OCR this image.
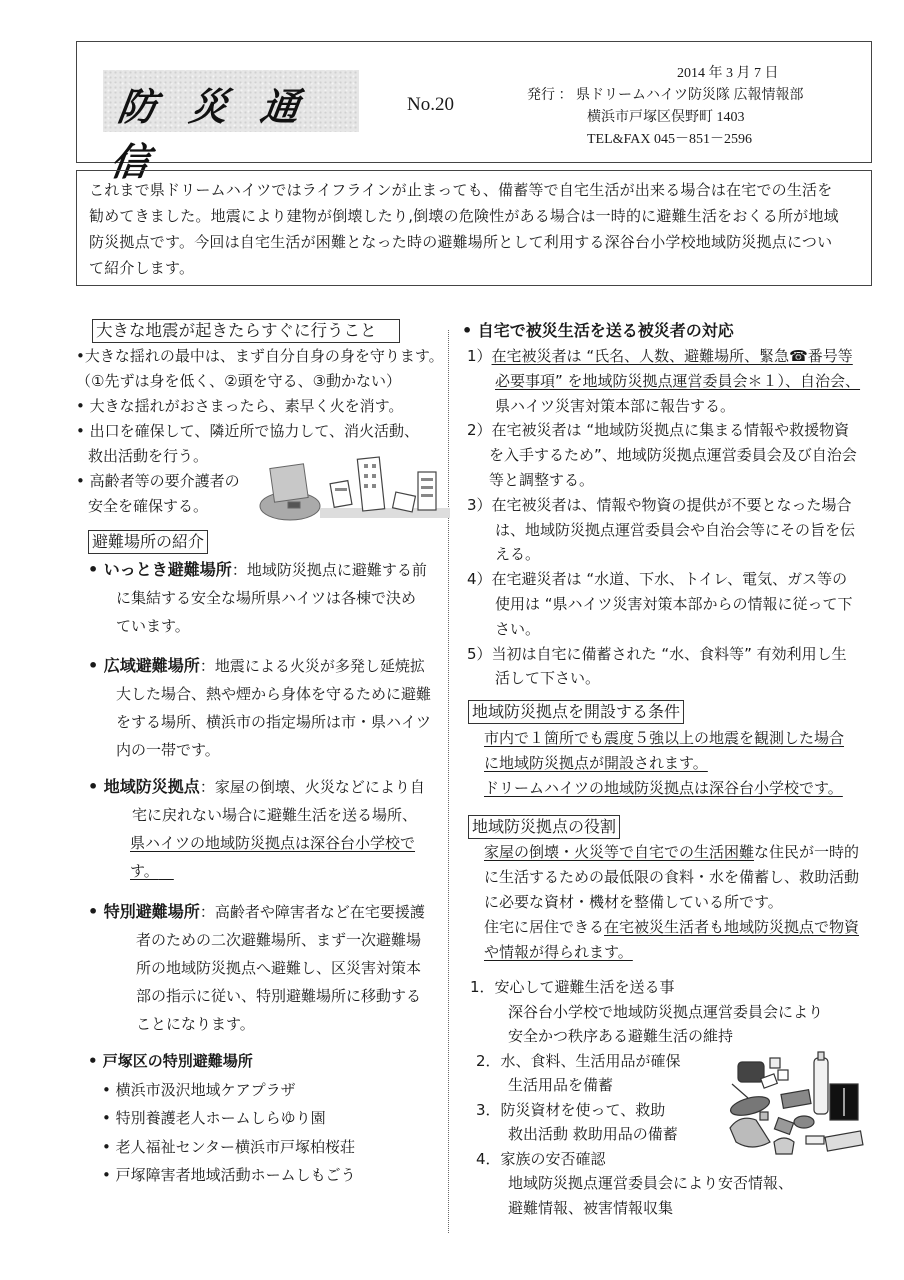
防 災 通 信
No.20
2014 年 3 月 7 日
発行 ： 県ドリームハイツ防災隊 広報情報部
横浜市戸塚区俣野町 1403
TEL&FAX 045－851－2596
これまで県ドリームハイツではライフラインが止まっても、備蓄等で自宅生活が出来る場合は在宅での生活を
勧めてきました。地震により建物が倒壊したり,倒壊の危険性がある場合は一時的に避難生活をおくる所が地域
防災拠点です。今回は自宅生活が困難となった時の避難場所として利用する深谷台小学校地域防災拠点につい
て紹介します。
大きな地震が起きたらすぐに行うこと
•大きな揺れの最中は、まず自分自身の身を守ります。
（①先ずは身を低く、②頭を守る、③動かない）
• 大きな揺れがおさまったら、素早く火を消す。
• 出口を確保して、隣近所で協力して、消火活動、
救出活動を行う。
• 高齢者等の要介護者の
安全を確保する。
避難場所の紹介
• いっとき避難場所：地域防災拠点に避難する前
に集結する安全な場所県ハイツは各棟で決め
ています。
• 広域避難場所：地震による火災が多発し延焼拡
大した場合、熱や煙から身体を守るために避難
をする場所、横浜市の指定場所は市・県ハイツ
内の一帯です。
• 地域防災拠点：家屋の倒壊、火災などにより自
宅に戻れない場合に避難生活を送る場所、
県ハイツの地域防災拠点は深谷台小学校で
す。 
• 特別避難場所：高齢者や障害者など在宅要援護
者のための二次避難場所、まず一次避難場
所の地域防災拠点へ避難し、区災害対策本
部の指示に従い、特別避難場所に移動する
ことになります。
• 戸塚区の特別避難場所
• 横浜市汲沢地域ケアプラザ
• 特別養護老人ホームしらゆり園
• 老人福祉センター横浜市戸塚柏桜荘
• 戸塚障害者地域活動ホームしもごう
• 自宅で被災生活を送る被災者の対応
1）在宅被災者は “氏名、人数、避難場所、緊急☎番号等
必要事項” を地域防災拠点運営委員会＊１）、自治会、
県ハイツ災害対策本部に報告する。
2）在宅被災者は “地域防災拠点に集まる情報や救援物資
を入手するため”、地域防災拠点運営委員会及び自治会
等と調整する。
3）在宅被災者は、情報や物資の提供が不要となった場合
は、地域防災拠点運営委員会や自治会等にその旨を伝
える。
4）在宅避災者は “水道、下水、トイレ、電気、ガス等の
使用は “県ハイツ災害対策本部からの情報に従って下
さい。
5）当初は自宅に備蓄された “水、食料等” 有効利用し生
活して下さい。
地域防災拠点を開設する条件
市内で１箇所でも震度５強以上の地震を観測した場合
に地域防災拠点が開設されます。
ドリームハイツの地域防災拠点は深谷台小学校です。
地域防災拠点の役割
家屋の倒壊・火災等で自宅での生活困難な住民が一時的
に生活するための最低限の食料・水を備蓄し、救助活動
に必要な資材・機材を整備している所です。
住宅に居住できる在宅被災生活者も地域防災拠点で物資
や情報が得られます。
1．安心して避難生活を送る事
深谷台小学校で地域防災拠点運営委員会により
安全かつ秩序ある避難生活の維持
2．水、食料、生活用品が確保
生活用品を備蓄
3．防災資材を使って、救助
救出活動 救助用品の備蓄
4．家族の安否確認
地域防災拠点運営委員会により安否情報、
避難情報、被害情報収集
